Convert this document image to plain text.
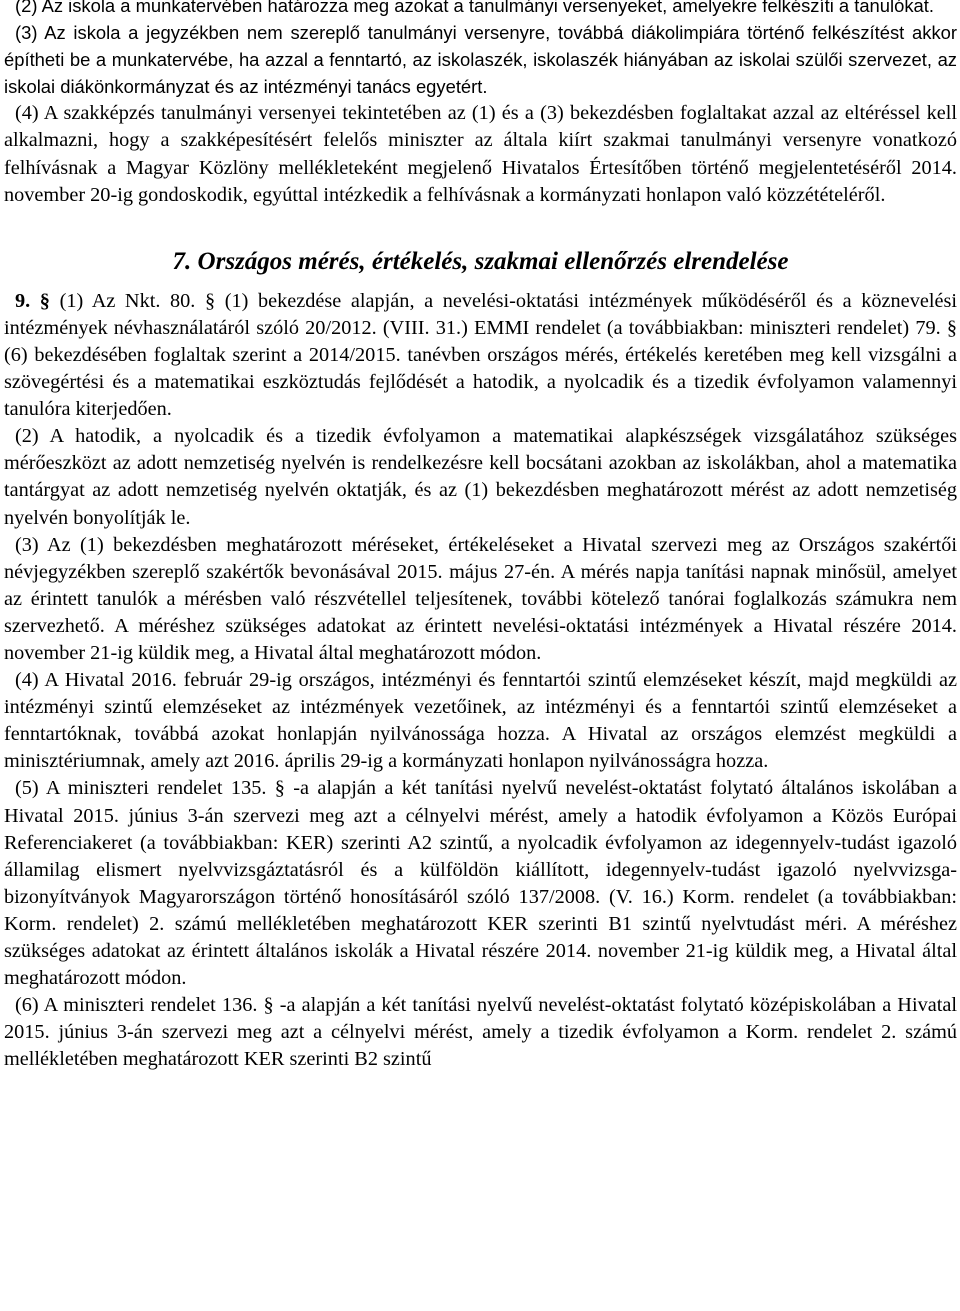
(2) Az iskola a munkatervében határozza meg azokat a tanulmányi versenyeket, amelyekre felkészíti a tanulókat.

(3) Az iskola a jegyzékben nem szereplő tanulmányi versenyre, továbbá diákolimpiára történő felkészítést akkor építheti be a munkatervébe, ha azzal a fenntartó, az iskolaszék, iskolaszék hiányában az iskolai szülői szervezet, az iskolai diákönkormányzat és az intézményi tanács egyetért.

(4) A szakképzés tanulmányi versenyei tekintetében az (1) és a (3) bekezdésben foglaltakat azzal az eltéréssel kell alkalmazni, hogy a szakképesítésért felelős miniszter az általa kiírt szakmai tanulmányi versenyre vonatkozó felhívásnak a Magyar Közlöny mellékleteként megjelenő Hivatalos Értesítőben történő megjelentetéséről 2014. november 20-ig gondoskodik, egyúttal intézkedik a felhívásnak a kormányzati honlapon való közzétételéről.

7. Országos mérés, értékelés, szakmai ellenőrzés elrendelése

9. § (1) Az Nkt. 80. § (1) bekezdése alapján, a nevelési-oktatási intézmények működéséről és a köznevelési intézmények névhasználatáról szóló 20/2012. (VIII. 31.) EMMI rendelet (a továbbiakban: miniszteri rendelet) 79. § (6) bekezdésében foglaltak szerint a 2014/2015. tanévben országos mérés, értékelés keretében meg kell vizsgálni a szövegértési és a matematikai eszköztudás fejlődését a hatodik, a nyolcadik és a tizedik évfolyamon valamennyi tanulóra kiterjedően.

(2) A hatodik, a nyolcadik és a tizedik évfolyamon a matematikai alapkészségek vizsgálatához szükséges mérőeszközt az adott nemzetiség nyelvén is rendelkezésre kell bocsátani azokban az iskolákban, ahol a matematika tantárgyat az adott nemzetiség nyelvén oktatják, és az (1) bekezdésben meghatározott mérést az adott nemzetiség nyelvén bonyolítják le.

(3) Az (1) bekezdésben meghatározott méréseket, értékeléseket a Hivatal szervezi meg az Országos szakértői névjegyzékben szereplő szakértők bevonásával 2015. május 27-én. A mérés napja tanítási napnak minősül, amelyet az érintett tanulók a mérésben való részvétellel teljesítenek, további kötelező tanórai foglalkozás számukra nem szervezhető. A méréshez szükséges adatokat az érintett nevelési-oktatási intézmények a Hivatal részére 2014. november 21-ig küldik meg, a Hivatal által meghatározott módon.

(4) A Hivatal 2016. február 29-ig országos, intézményi és fenntartói szintű elemzéseket készít, majd megküldi az intézményi szintű elemzéseket az intézmények vezetőinek, az intézményi és a fenntartói szintű elemzéseket a fenntartóknak, továbbá azokat honlapján nyilvánossága hozza. A Hivatal az országos elemzést megküldi a minisztériumnak, amely azt 2016. április 29-ig a kormányzati honlapon nyilvánosságra hozza.

(5) A miniszteri rendelet 135. § -a alapján a két tanítási nyelvű nevelést-oktatást folytató általános iskolában a Hivatal 2015. június 3-án szervezi meg azt a célnyelvi mérést, amely a hatodik évfolyamon a Közös Európai Referenciakeret (a továbbiakban: KER) szerinti A2 szintű, a nyolcadik évfolyamon az idegennyelv-tudást igazoló államilag elismert nyelvvizsgáztatásról és a külföldön kiállított, idegennyelv-tudást igazoló nyelvvizsga-bizonyítványok Magyarországon történő honosításáról szóló 137/2008. (V. 16.) Korm. rendelet (a továbbiakban: Korm. rendelet) 2. számú mellékletében meghatározott KER szerinti B1 szintű nyelvtudást méri. A méréshez szükséges adatokat az érintett általános iskolák a Hivatal részére 2014. november 21-ig küldik meg, a Hivatal által meghatározott módon.

(6) A miniszteri rendelet 136. § -a alapján a két tanítási nyelvű nevelést-oktatást folytató középiskolában a Hivatal 2015. június 3-án szervezi meg azt a célnyelvi mérést, amely a tizedik évfolyamon a Korm. rendelet 2. számú mellékletében meghatározott KER szerinti B2 szintű
